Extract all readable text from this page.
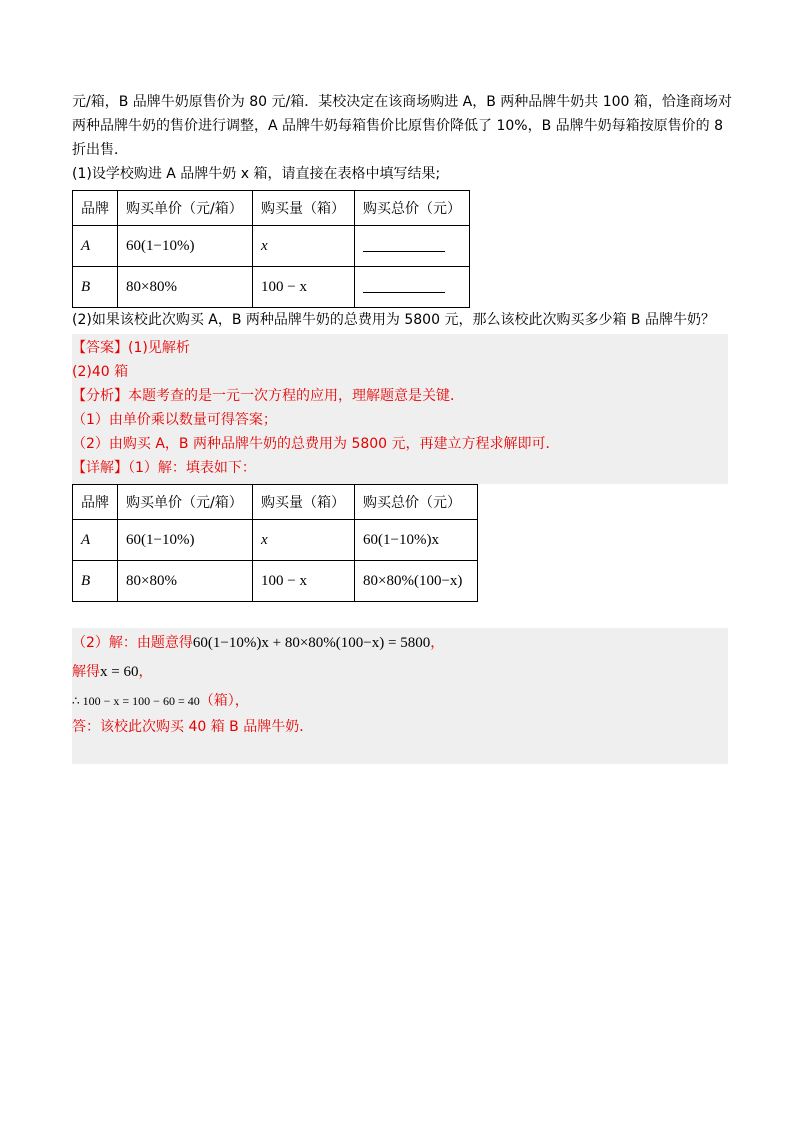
元/箱，B 品牌牛奶原售价为 80 元/箱．某校决定在该商场购进 A，B 两种品牌牛奶共 100 箱，恰逢商场对
两种品牌牛奶的售价进行调整，A 品牌牛奶每箱售价比原售价降低了 10%，B 品牌牛奶每箱按原售价的 8
折出售．
(1)设学校购进 A 品牌牛奶 x 箱，请直接在表格中填写结果;
品牌	购买单价（元/箱）	购买量（箱）	购买总价（元）
A	60(1−10%)	x	
B	80×80%	100 − x	
(2)如果该校此次购买 A，B 两种品牌牛奶的总费用为 5800 元，那么该校此次购买多少箱 B 品牌牛奶？
【答案】(1)见解析
(2)40 箱
【分析】本题考查的是一元一次方程的应用，理解题意是关键．
（1）由单价乘以数量可得答案；
（2）由购买 A，B 两种品牌牛奶的总费用为 5800 元，再建立方程求解即可．
【详解】（1）解：填表如下：
品牌	购买单价（元/箱）	购买量（箱）	购买总价（元）
A	60(1−10%)	x	60(1−10%)x
B	80×80%	100 − x	80×80%(100−x)
（2）解：由题意得60(1−10%)x + 80×80%(100−x) = 5800，
解得x = 60，
∴ 100 − x = 100 − 60 = 40（箱），
答：该校此次购买 40 箱 B 品牌牛奶．
